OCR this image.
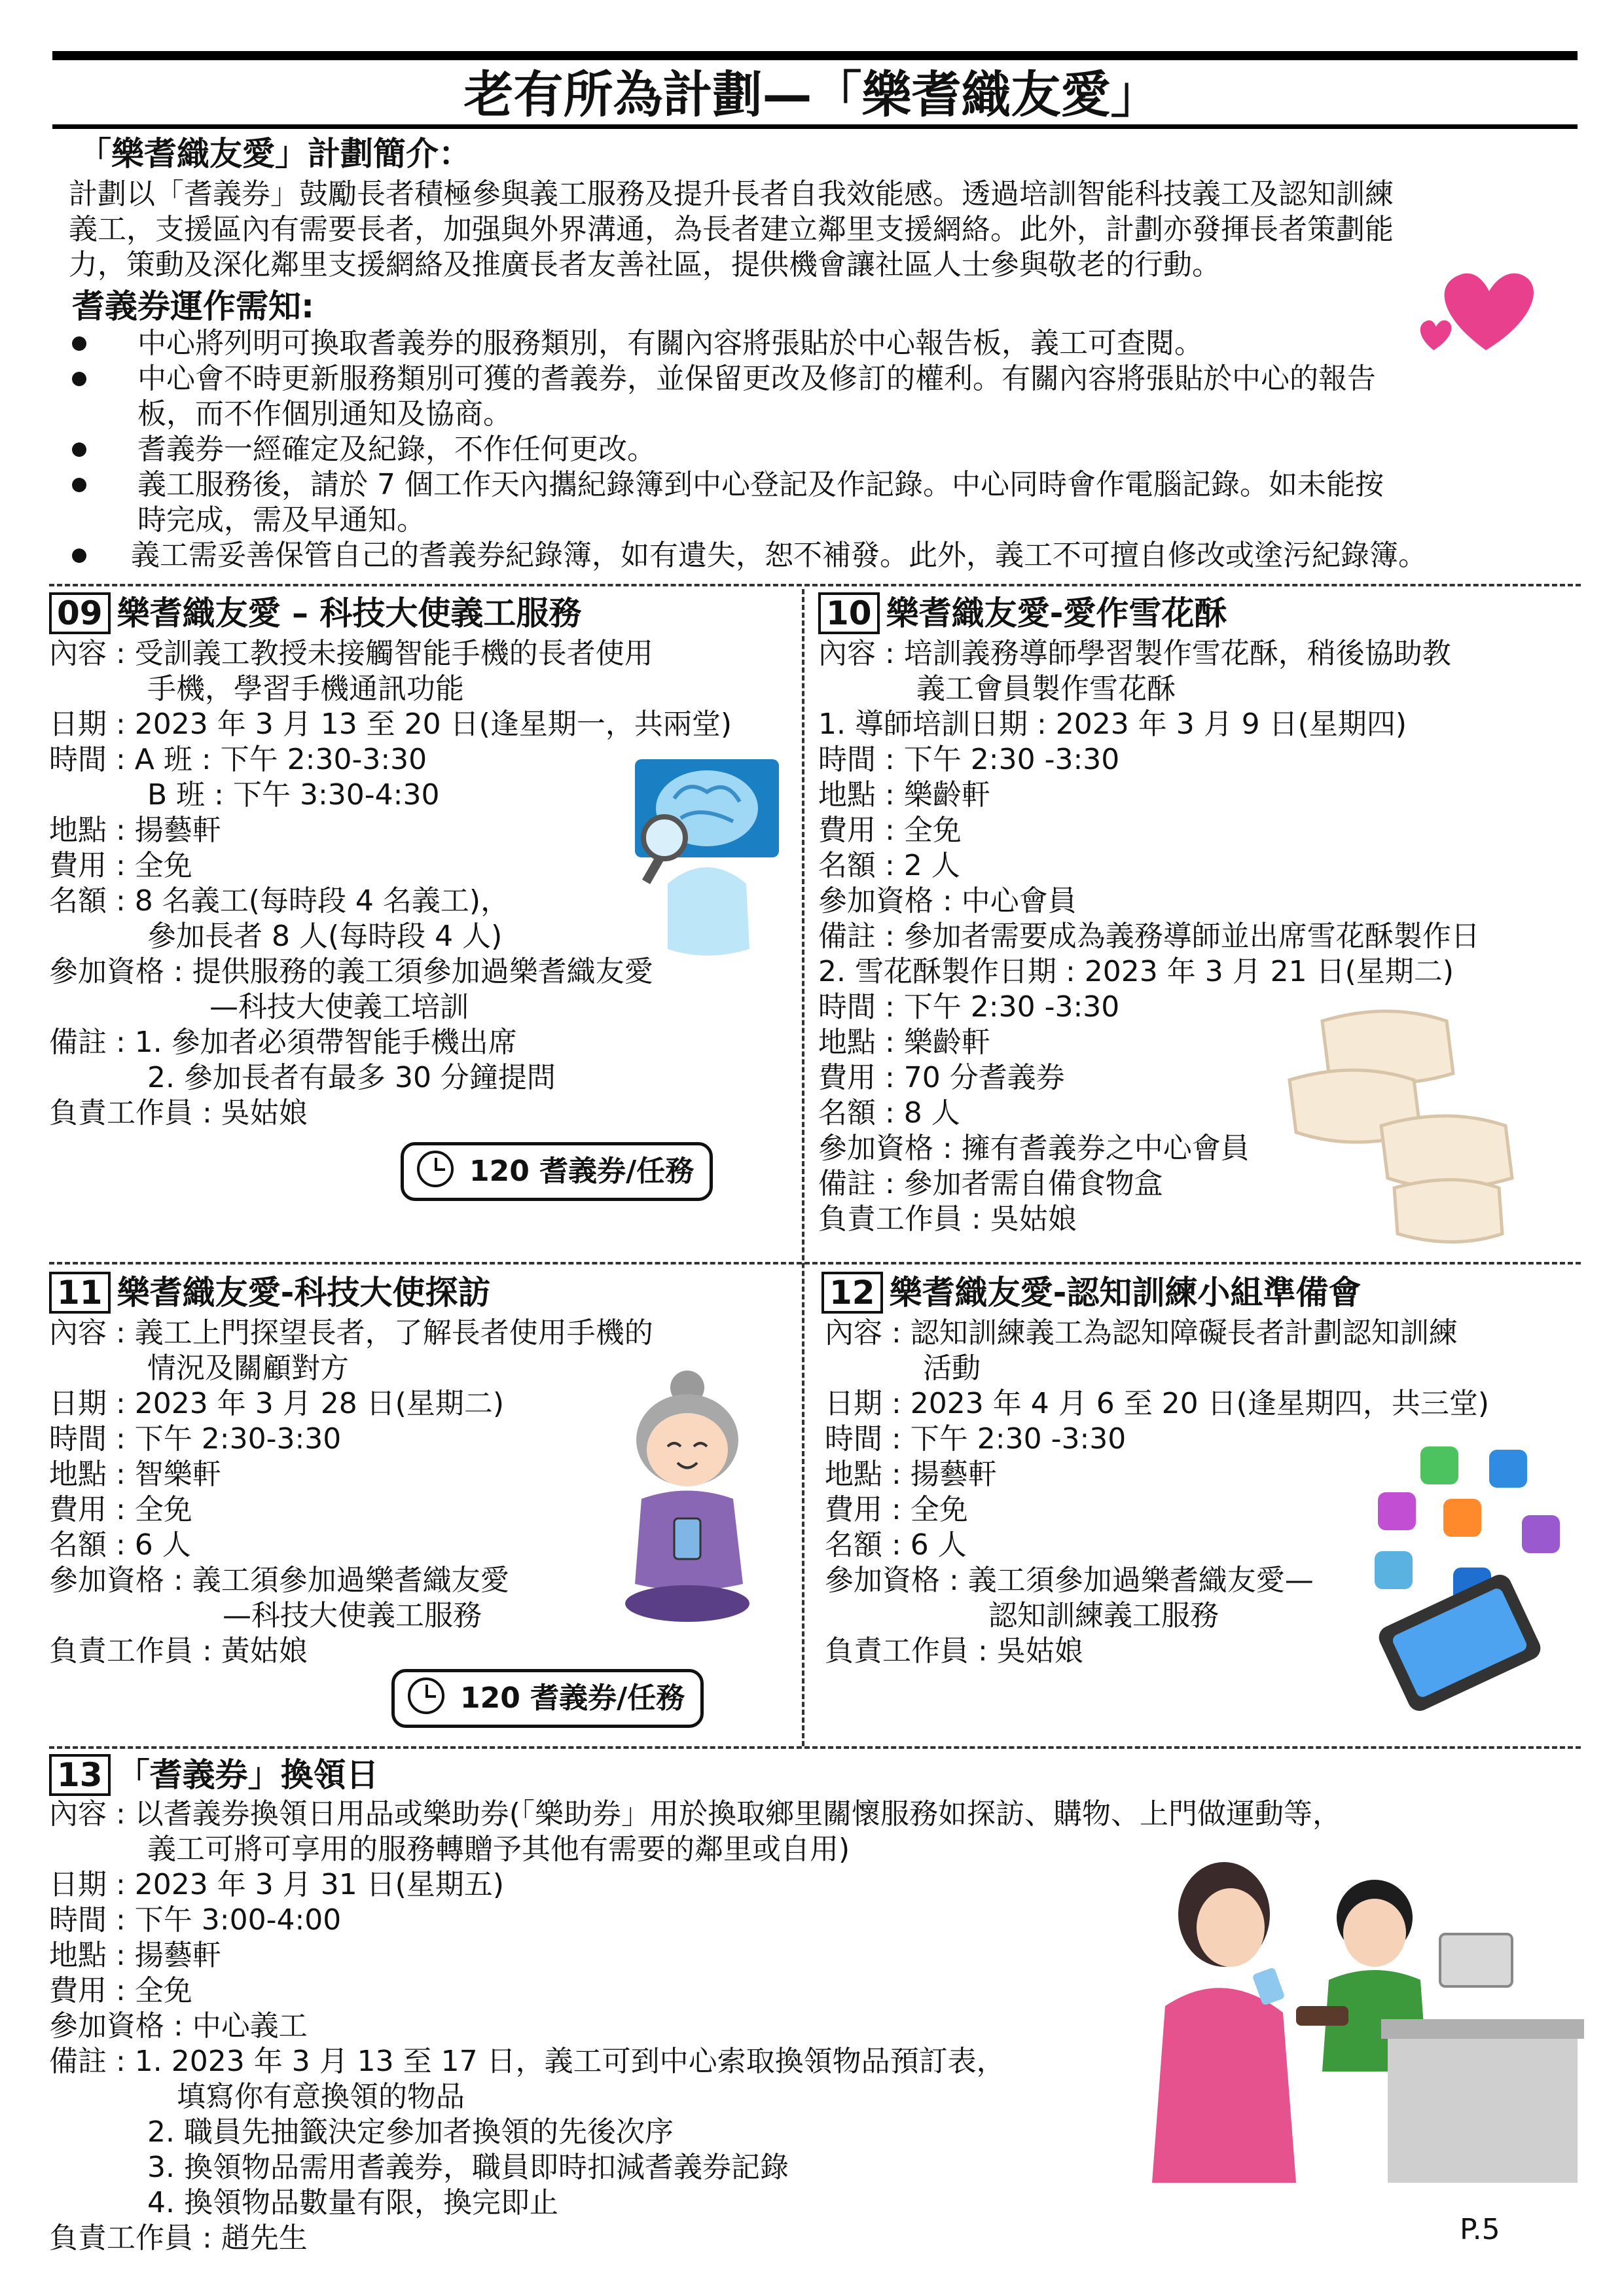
老有所為計劃—「樂耆織友愛」
「樂耆織友愛」計劃簡介：
計劃以「耆義券」鼓勵長者積極參與義工服務及提升長者自我效能感。透過培訓智能科技義工及認知訓練
義工，支援區內有需要長者，加强與外界溝通，為長者建立鄰里支援網絡。此外，計劃亦發揮長者策劃能
力，策動及深化鄰里支援網絡及推廣長者友善社區，提供機會讓社區人士參與敬老的行動。
耆義券運作需知:
中心將列明可換取耆義券的服務類別，有關內容將張貼於中心報告板，義工可查閱。
中心會不時更新服務類別可獲的耆義券，並保留更改及修訂的權利。有關內容將張貼於中心的報告
板，而不作個別通知及協商。
耆義券一經確定及紀錄，不作任何更改。
義工服務後，請於 7 個工作天內攜紀錄簿到中心登記及作記錄。中心同時會作電腦記錄。如未能按
時完成，需及早通知。
義工需妥善保管自己的耆義券紀錄簿，如有遺失，恕不補發。此外，義工不可擅自修改或塗污紀錄簿。
09 樂耆織友愛 – 科技大使義工服務
內容 : 受訓義工教授未接觸智能手機的長者使用
手機，學習手機通訊功能
日期 : 2023 年 3 月 13 至 20 日(逢星期一，共兩堂)
時間 : A 班 : 下午 2:30-3:30
B 班 : 下午 3:30-4:30
地點 : 揚藝軒
費用 : 全免
名額 : 8 名義工(每時段 4 名義工)，
參加長者 8 人(每時段 4 人)
參加資格 : 提供服務的義工須參加過樂耆織友愛
—科技大使義工培訓
備註 : 1. 參加者必須帶智能手機出席
2. 參加長者有最多 30 分鐘提問
負責工作員 : 吳姑娘
120 耆義券/任務
10 樂耆織友愛-愛作雪花酥
內容 : 培訓義務導師學習製作雪花酥，稍後協助教
義工會員製作雪花酥
1. 導師培訓日期 : 2023 年 3 月 9 日(星期四)
時間 : 下午 2:30 -3:30
地點 : 樂齡軒
費用 : 全免
名額 : 2 人
參加資格 : 中心會員
備註 : 參加者需要成為義務導師並出席雪花酥製作日
2. 雪花酥製作日期 : 2023 年 3 月 21 日(星期二)
時間 : 下午 2:30 -3:30
地點 : 樂齡軒
費用 : 70 分耆義券
名額 : 8 人
參加資格 : 擁有耆義券之中心會員
備註 : 參加者需自備食物盒
負責工作員 : 吳姑娘
11 樂耆織友愛-科技大使探訪
內容 : 義工上門探望長者，了解長者使用手機的
情況及關顧對方
日期 : 2023 年 3 月 28 日(星期二)
時間 : 下午 2:30-3:30
地點 : 智樂軒
費用 : 全免
名額 : 6 人
參加資格 : 義工須參加過樂耆織友愛
—科技大使義工服務
負責工作員 : 黃姑娘
120 耆義券/任務
12 樂耆織友愛-認知訓練小組準備會
內容 : 認知訓練義工為認知障礙長者計劃認知訓練
活動
日期 : 2023 年 4 月 6 至 20 日(逢星期四，共三堂)
時間 : 下午 2:30 -3:30
地點 : 揚藝軒
費用 : 全免
名額 : 6 人
參加資格 : 義工須參加過樂耆織友愛—
認知訓練義工服務
負責工作員 : 吳姑娘
13 「耆義券」換領日
內容 : 以耆義券換領日用品或樂助券(「樂助券」用於換取鄉里關懷服務如探訪、購物、上門做運動等，
義工可將可享用的服務轉贈予其他有需要的鄰里或自用)
日期 : 2023 年 3 月 31 日(星期五)
時間 : 下午 3:00-4:00
地點 : 揚藝軒
費用 : 全免
參加資格 : 中心義工
備註 : 1. 2023 年 3 月 13 至 17 日，義工可到中心索取換領物品預訂表，
填寫你有意換領的物品
2. 職員先抽籤決定參加者換領的先後次序
3. 換領物品需用耆義券，職員即時扣減耆義券記錄
4. 換領物品數量有限，換完即止
負責工作員 : 趙先生	P.5
